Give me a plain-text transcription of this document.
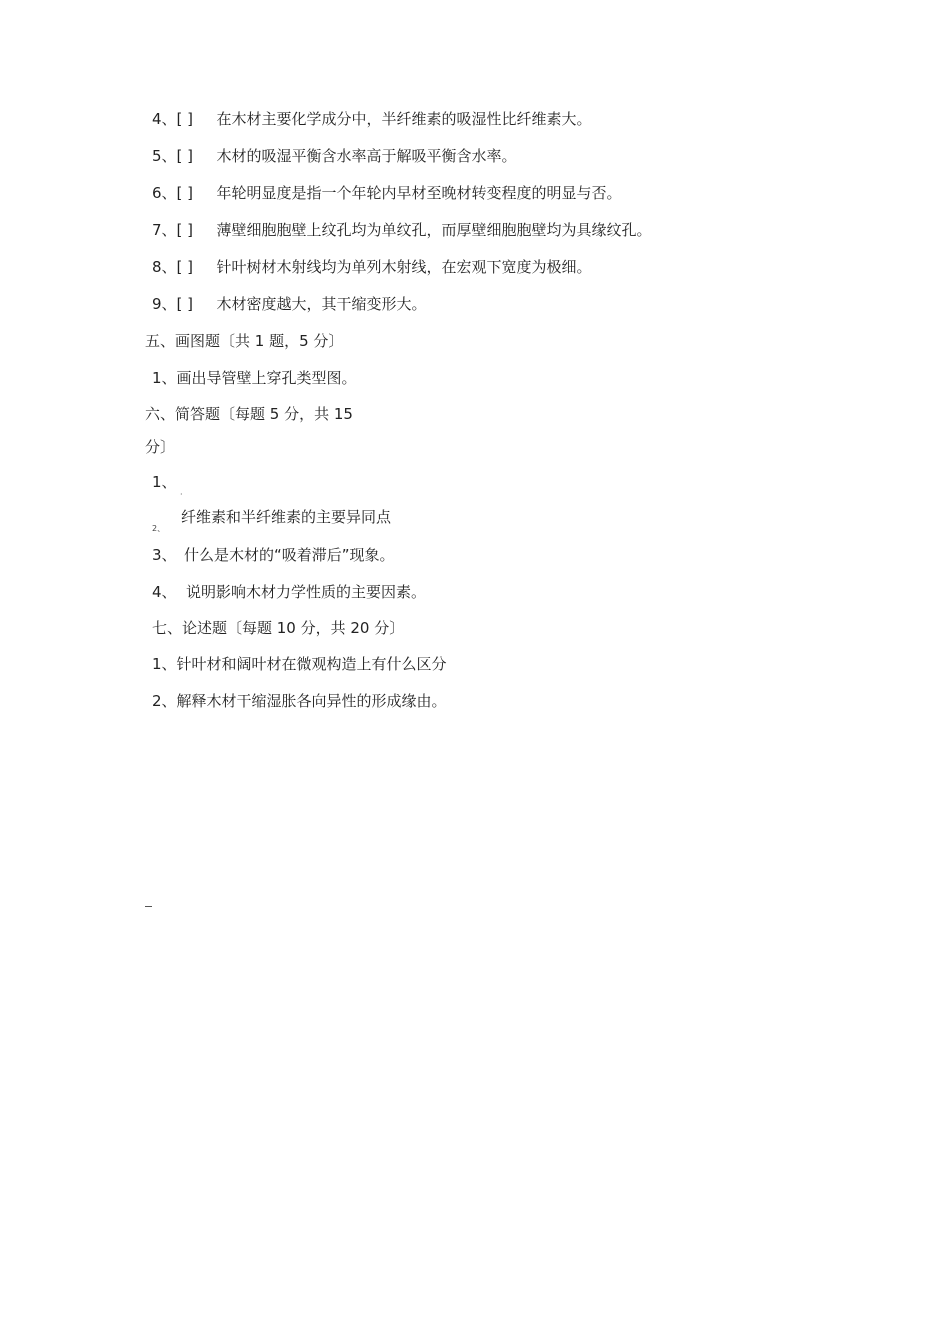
4、[ ] 在木材主要化学成分中，半纤维素的吸湿性比纤维素大。
5、[ ] 木材的吸湿平衡含水率高于解吸平衡含水率。
6、[ ] 年轮明显度是指一个年轮内早材至晚材转变程度的明显与否。
7、[ ] 薄壁细胞胞壁上纹孔均为单纹孔，而厚壁细胞胞壁均为具缘纹孔。
8、[ ] 针叶树材木射线均为单列木射线，在宏观下宽度为极细。
9、[ ] 木材密度越大，其干缩变形大。
五、画图题〔共 1 题，5 分〕
1、画出导管壁上穿孔类型图。
六、简答题〔每题 5 分，共 15
分〕
1、
·
2、
纤维素和半纤维素的主要异同点
3、 什么是木材的“吸着滞后”现象。
4、 说明影响木材力学性质的主要因素。
七、论述题〔每题 10 分，共 20 分〕
1、针叶材和阔叶材在微观构造上有什么区分
2、解释木材干缩湿胀各向异性的形成缘由。
